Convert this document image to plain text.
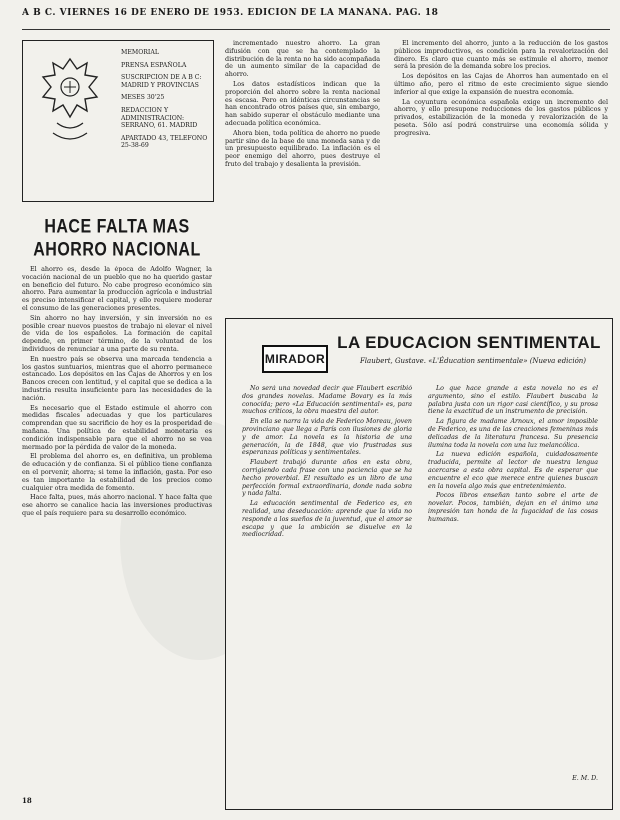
A B C. VIERNES 16 DE ENERO DE 1953. EDICION DE LA MAÑANA. PAG. 18
MEMORIAL
PRENSA ESPAÑOLA
SUSCRIPCION DE A B C: MADRID Y PROVINCIAS
MESES 30'25
REDACCION Y ADMINISTRACION: SERRANO, 61. MADRID
APARTADO 43, TELEFONO 25-38-69
HACE FALTA MAS AHORRO NACIONAL

El ahorro es, desde la época de Adolfo Wagner, la vocación nacional de un pueblo que no ha querido gastar en beneficio del futuro. No cabe progreso económico sin ahorro. Para aumentar la producción agrícola e industrial es preciso intensificar el capital, y ello requiere moderar el consumo de las generaciones presentes.

Sin ahorro no hay inversión, y sin inversión no es posible crear nuevos puestos de trabajo ni elevar el nivel de vida de los españoles. La formación de capital depende, en primer término, de la voluntad de los individuos de renunciar a una parte de su renta.

En nuestro país se observa una marcada tendencia a los gastos suntuarios, mientras que el ahorro permanece estancado. Los depósitos en las Cajas de Ahorros y en los Bancos crecen con lentitud, y el capital que se dedica a la industria resulta insuficiente para las necesidades de la nación.

Es necesario que el Estado estimule el ahorro con medidas fiscales adecuadas y que los particulares comprendan que su sacrificio de hoy es la prosperidad de mañana. Una política de estabilidad monetaria es condición indispensable para que el ahorro no se vea mermado por la pérdida de valor de la moneda.

El problema del ahorro es, en definitiva, un problema de educación y de confianza. Si el público tiene confianza en el porvenir, ahorra; si teme la inflación, gasta. Por eso es tan importante la estabilidad de los precios como cualquier otra medida de fomento.

Hace falta, pues, más ahorro nacional. Y hace falta que ese ahorro se canalice hacia las inversiones productivas que el país requiere para su desarrollo económico.

incrementado nuestro ahorro. La gran difusión con que se ha contemplado la distribución de la renta no ha sido acompañada de un aumento similar de la capacidad de ahorro.

Los datos estadísticos indican que la proporción del ahorro sobre la renta nacional es escasa. Pero en idénticas circunstancias se han encontrado otros países que, sin embargo, han sabido superar el obstáculo mediante una adecuada política económica.

Ahora bien, toda política de ahorro no puede partir sino de la base de una moneda sana y de un presupuesto equilibrado. La inflación es el peor enemigo del ahorro, pues destruye el fruto del trabajo y desalienta la previsión.

El incremento del ahorro, junto a la reducción de los gastos públicos improductivos, es condición para la revalorización del dinero. Es claro que cuanto más se estimule el ahorro, menor será la presión de la demanda sobre los precios.

Los depósitos en las Cajas de Ahorros han aumentado en el último año, pero el ritmo de este crecimiento sigue siendo inferior al que exige la expansión de nuestra economía.

La coyuntura económica española exige un incremento del ahorro, y ello presupone reducciones de los gastos públicos y privados, estabilización de la moneda y revalorización de la peseta. Sólo así podrá construirse una economía sólida y progresiva.

MIRADOR
LA EDUCACION SENTIMENTAL
Flaubert, Gustave. «L'Éducation sentimentale» (Nueva edición)

No será una novedad decir que Flaubert escribió dos grandes novelas. Madame Bovary es la más conocida; pero «La Educación sentimental» es, para muchos críticos, la obra maestra del autor.

En ella se narra la vida de Federico Moreau, joven provinciano que llega a París con ilusiones de gloria y de amor. La novela es la historia de una generación, la de 1848, que vio frustradas sus esperanzas políticas y sentimentales.

Flaubert trabajó durante años en esta obra, corrigiendo cada frase con una paciencia que se ha hecho proverbial. El resultado es un libro de una perfección formal extraordinaria, donde nada sobra y nada falta.

La educación sentimental de Federico es, en realidad, una deseducación: aprende que la vida no responde a los sueños de la juventud, que el amor se escapa y que la ambición se disuelve en la mediocridad.

Lo que hace grande a esta novela no es el argumento, sino el estilo. Flaubert buscaba la palabra justa con un rigor casi científico, y su prosa tiene la exactitud de un instrumento de precisión.

La figura de madame Arnoux, el amor imposible de Federico, es una de las creaciones femeninas más delicadas de la literatura francesa. Su presencia ilumina toda la novela con una luz melancólica.

La nueva edición española, cuidadosamente traducida, permite al lector de nuestra lengua acercarse a esta obra capital. Es de esperar que encuentre el eco que merece entre quienes buscan en la novela algo más que entretenimiento.

Pocos libros enseñan tanto sobre el arte de novelar. Pocos, también, dejan en el ánimo una impresión tan honda de la fugacidad de las cosas humanas.

E. M. D.
18
